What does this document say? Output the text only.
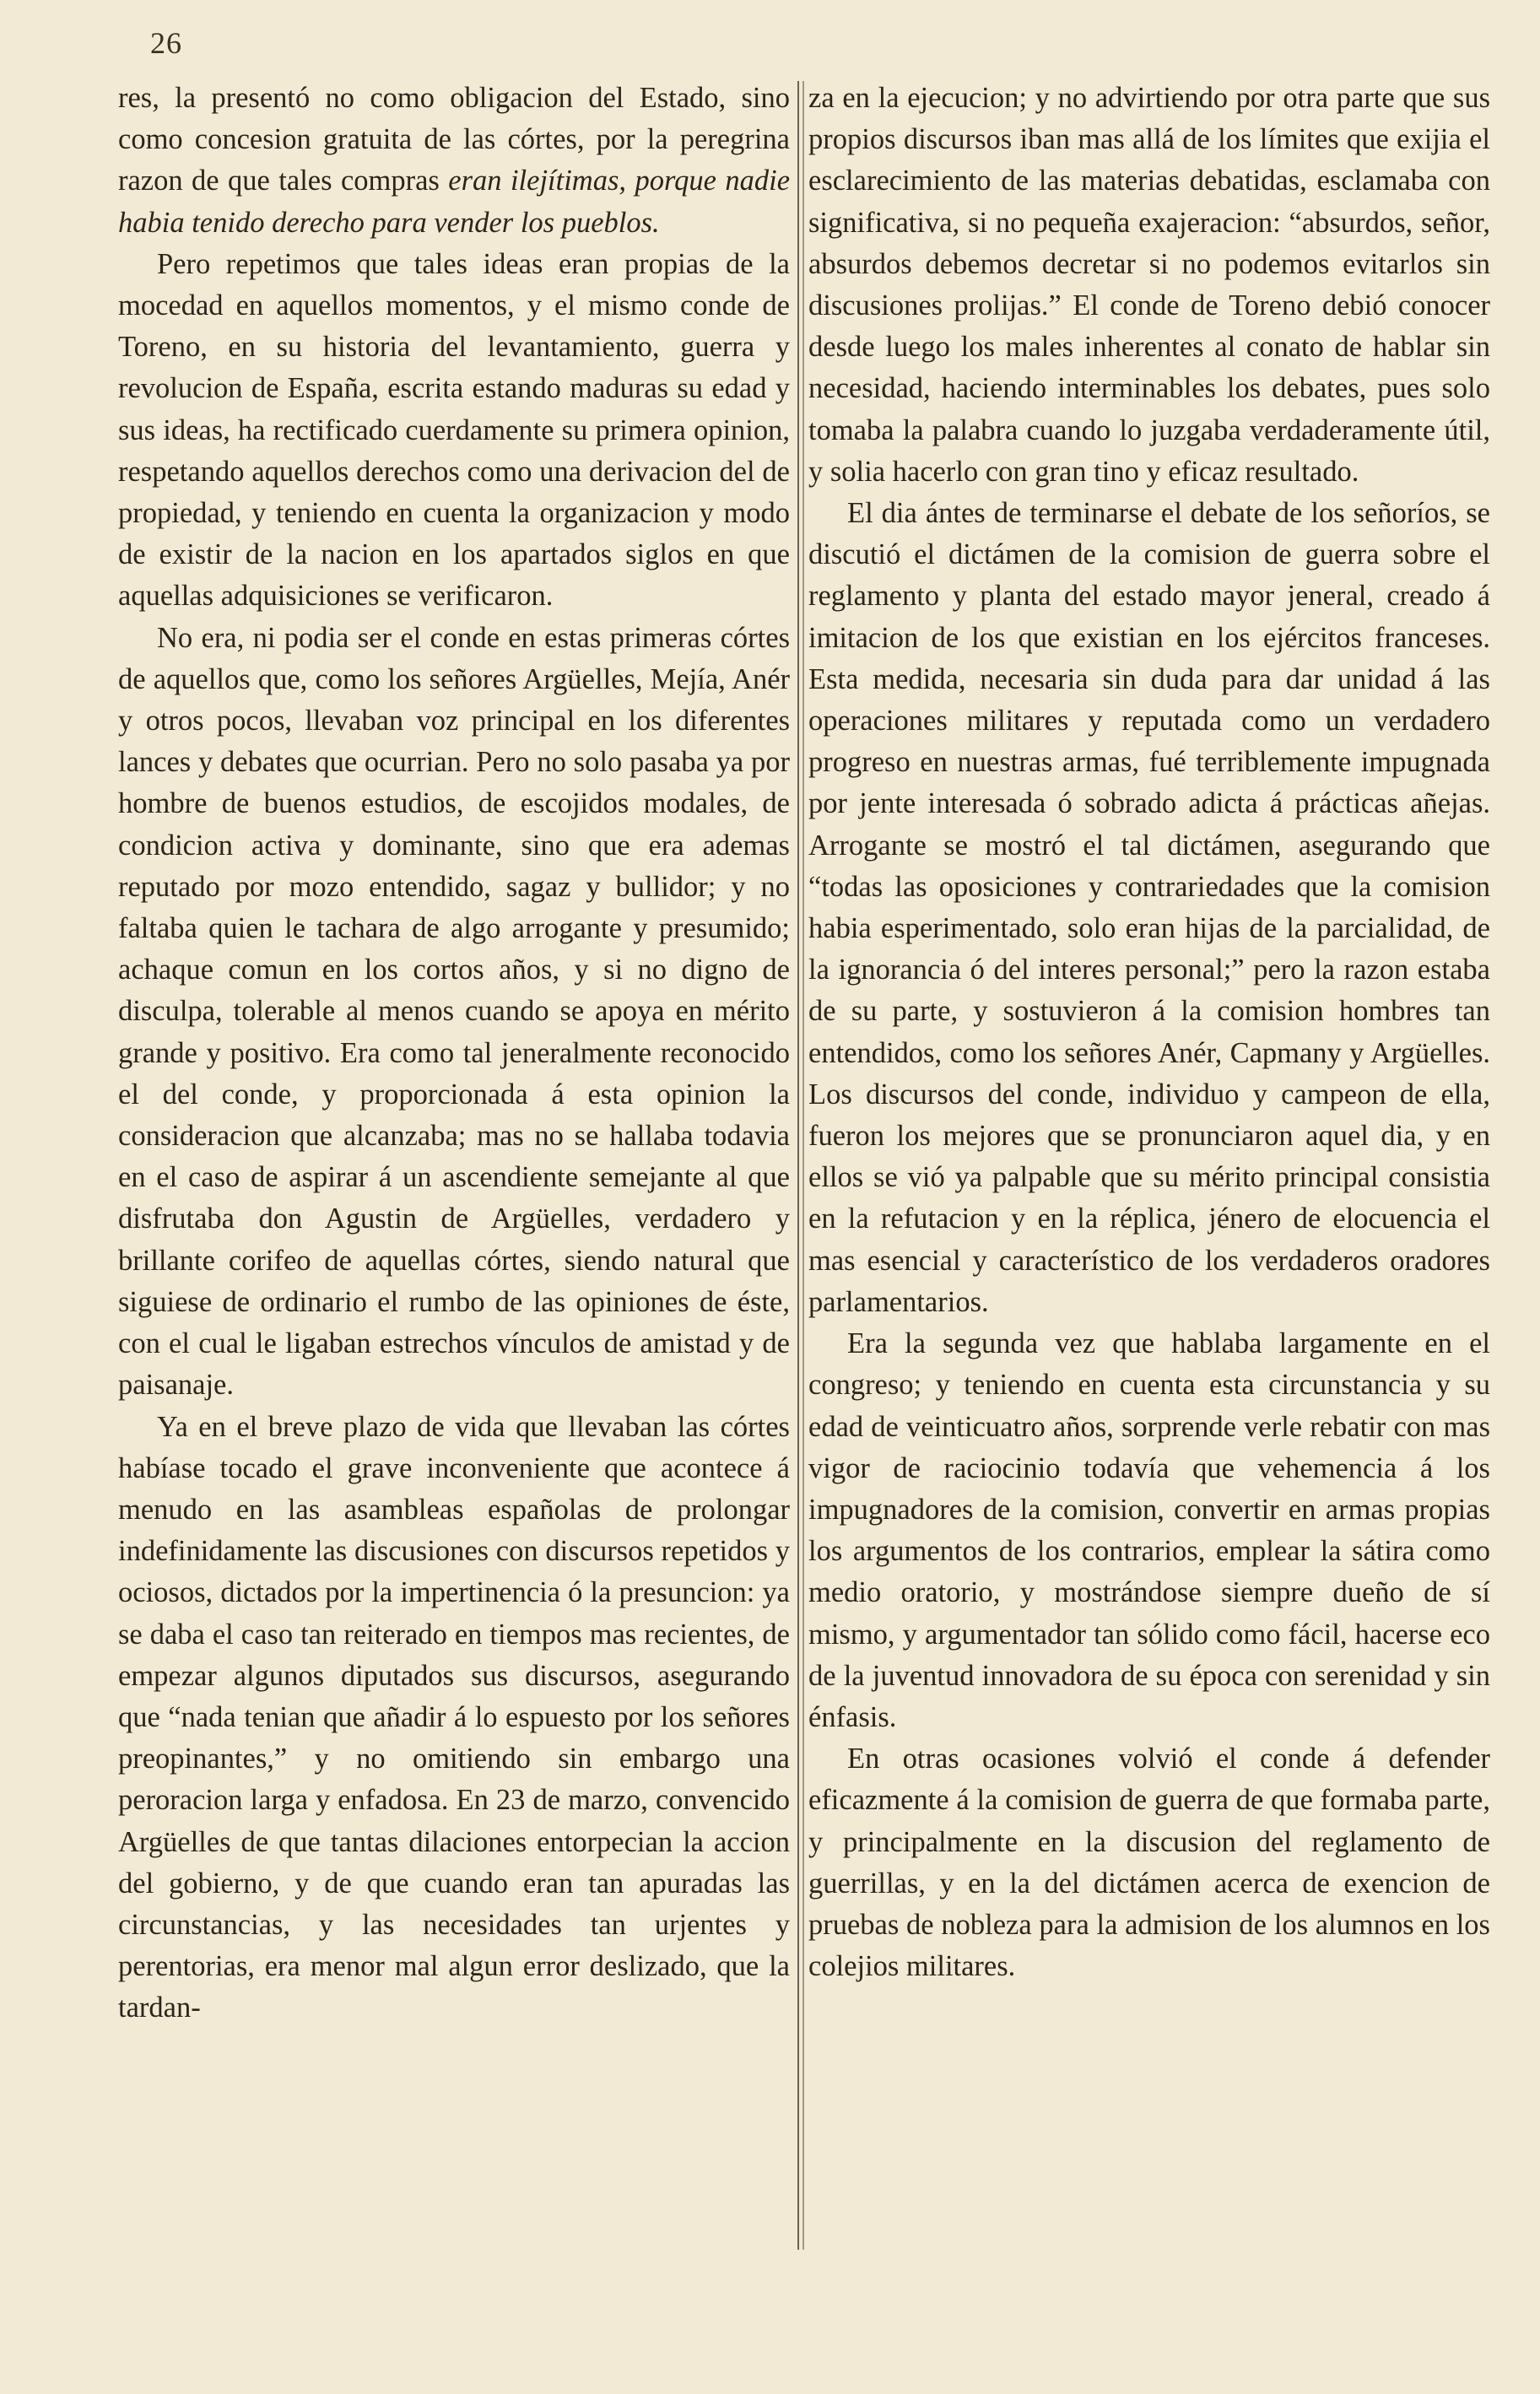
26

res, la presentó no como obligacion del Estado, sino como concesion gratuita de las córtes, por la peregrina razon de que tales compras eran ilejítimas, porque nadie habia tenido derecho para vender los pueblos.

Pero repetimos que tales ideas eran propias de la mocedad en aquellos momentos, y el mismo conde de Toreno, en su historia del levantamiento, guerra y revolucion de España, escrita estando maduras su edad y sus ideas, ha rectificado cuerdamente su primera opinion, respetando aquellos derechos como una derivacion del de propiedad, y teniendo en cuenta la organizacion y modo de existir de la nacion en los apartados siglos en que aquellas adquisiciones se verificaron.

No era, ni podia ser el conde en estas primeras córtes de aquellos que, como los señores Argüelles, Mejía, Anér y otros pocos, llevaban voz principal en los diferentes lances y debates que ocurrian. Pero no solo pasaba ya por hombre de buenos estudios, de escojidos modales, de condicion activa y dominante, sino que era ademas reputado por mozo entendido, sagaz y bullidor; y no faltaba quien le tachara de algo arrogante y presumido; achaque comun en los cortos años, y si no digno de disculpa, tolerable al menos cuando se apoya en mérito grande y positivo. Era como tal jeneralmente reconocido el del conde, y proporcionada á esta opinion la consideracion que alcanzaba; mas no se hallaba todavia en el caso de aspirar á un ascendiente semejante al que disfrutaba don Agustin de Argüelles, verdadero y brillante corifeo de aquellas córtes, siendo natural que siguiese de ordinario el rumbo de las opiniones de éste, con el cual le ligaban estrechos vínculos de amistad y de paisanaje.

Ya en el breve plazo de vida que llevaban las córtes habíase tocado el grave inconveniente que acontece á menudo en las asambleas españolas de prolongar indefinidamente las discusiones con discursos repetidos y ociosos, dictados por la impertinencia ó la presuncion: ya se daba el caso tan reiterado en tiempos mas recientes, de empezar algunos diputados sus discursos, asegurando que “nada tenian que añadir á lo espuesto por los señores preopinantes,” y no omitiendo sin embargo una peroracion larga y enfadosa. En 23 de marzo, convencido Argüelles de que tantas dilaciones entorpecian la accion del gobierno, y de que cuando eran tan apuradas las circunstancias, y las necesidades tan urjentes y perentorias, era menor mal algun error deslizado, que la tardan-

za en la ejecucion; y no advirtiendo por otra parte que sus propios discursos iban mas allá de los límites que exijia el esclarecimiento de las materias debatidas, esclamaba con significativa, si no pequeña exajeracion: “absurdos, señor, absurdos debemos decretar si no podemos evitarlos sin discusiones prolijas.” El conde de Toreno debió conocer desde luego los males inherentes al conato de hablar sin necesidad, haciendo interminables los debates, pues solo tomaba la palabra cuando lo juzgaba verdaderamente útil, y solia hacerlo con gran tino y eficaz resultado.

El dia ántes de terminarse el debate de los señoríos, se discutió el dictámen de la comision de guerra sobre el reglamento y planta del estado mayor jeneral, creado á imitacion de los que existian en los ejércitos franceses. Esta medida, necesaria sin duda para dar unidad á las operaciones militares y reputada como un verdadero progreso en nuestras armas, fué terriblemente impugnada por jente interesada ó sobrado adicta á prácticas añejas. Arrogante se mostró el tal dictámen, asegurando que “todas las oposiciones y contrariedades que la comision habia esperimentado, solo eran hijas de la parcialidad, de la ignorancia ó del interes personal;” pero la razon estaba de su parte, y sostuvieron á la comision hombres tan entendidos, como los señores Anér, Capmany y Argüelles. Los discursos del conde, individuo y campeon de ella, fueron los mejores que se pronunciaron aquel dia, y en ellos se vió ya palpable que su mérito principal consistia en la refutacion y en la réplica, jénero de elocuencia el mas esencial y característico de los verdaderos oradores parlamentarios.

Era la segunda vez que hablaba largamente en el congreso; y teniendo en cuenta esta circunstancia y su edad de veinticuatro años, sorprende verle rebatir con mas vigor de raciocinio todavía que vehemencia á los impugnadores de la comision, convertir en armas propias los argumentos de los contrarios, emplear la sátira como medio oratorio, y mostrándose siempre dueño de sí mismo, y argumentador tan sólido como fácil, hacerse eco de la juventud innovadora de su época con serenidad y sin énfasis.

En otras ocasiones volvió el conde á defender eficazmente á la comision de guerra de que formaba parte, y principalmente en la discusion del reglamento de guerrillas, y en la del dictámen acerca de exencion de pruebas de nobleza para la admision de los alumnos en los colejios militares.
